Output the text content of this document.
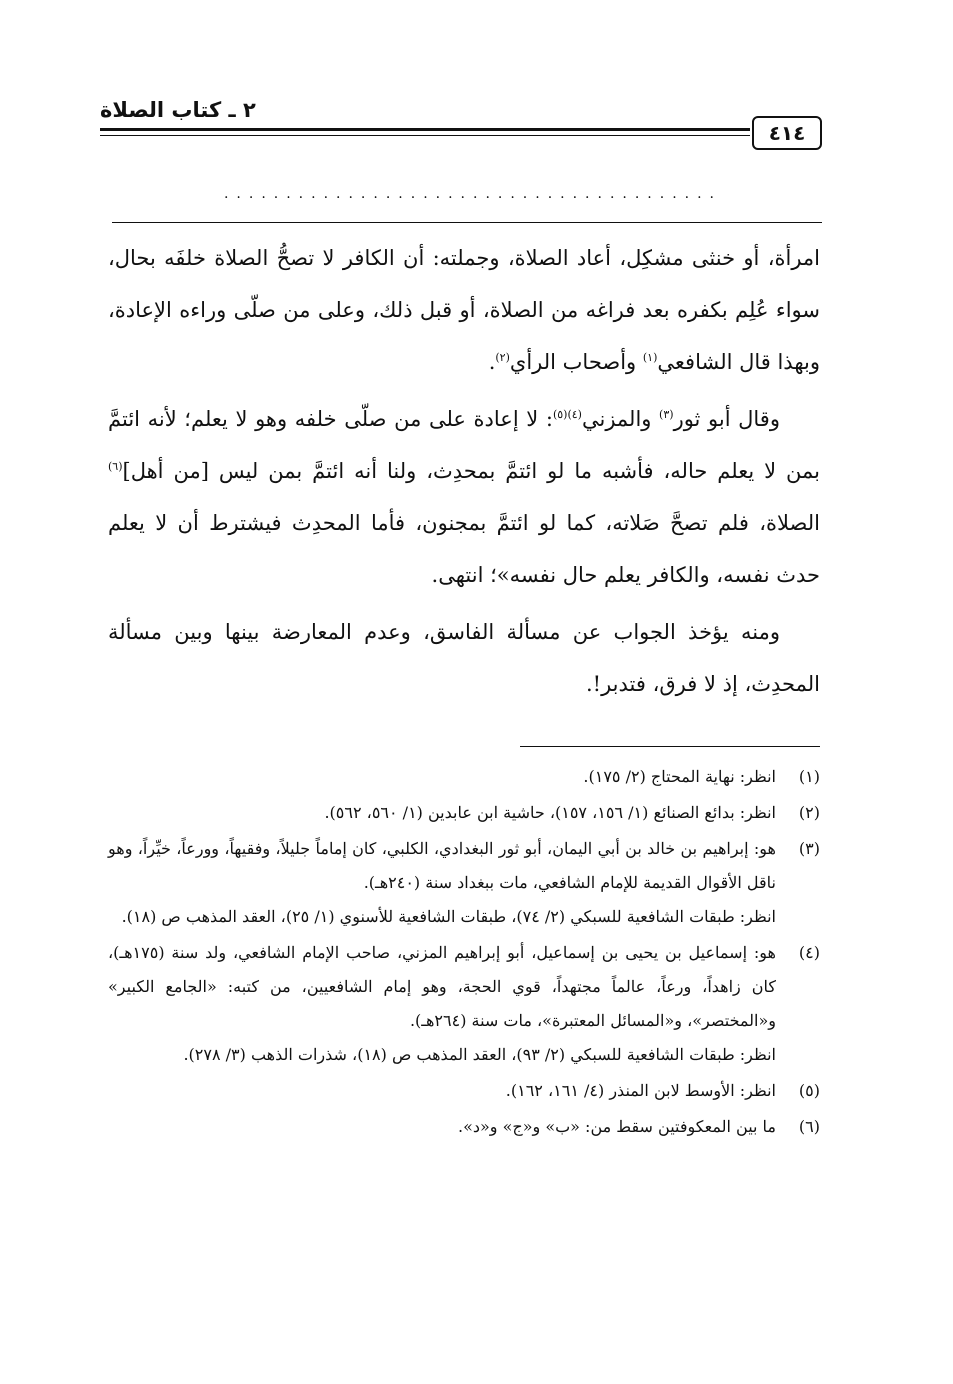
٢ ـ كتاب الصلاة
٤١٤
........................................

امرأة، أو خنثى مشكِل، أعاد الصلاة، وجملته: أن الكافر لا تصحُّ الصلاة خلفَه بحال، سواء عُلِم بكفره بعد فراغه من الصلاة، أو قبل ذلك، وعلى من صلّى وراءه الإعادة، وبهذا قال الشافعي$^{(١)}$ وأصحاب الرأي$^{(٢)}$.

وقال أبو ثور$^{(٣)}$ والمزني$^{(٤)(٥)}$: لا إعادة على من صلّى خلفه وهو لا يعلم؛ لأنه ائتمَّ بمن لا يعلم حاله، فأشبه ما لو ائتمَّ بمحدِث، ولنا أنه ائتمَّ بمن ليس [من أهل]$^{(٦)}$ الصلاة، فلم تصحَّ صَلاته، كما لو ائتمَّ بمجنون، فأما المحدِث فيشترط أن لا يعلم حدث نفسه، والكافر يعلم حال نفسه»؛ انتهى.

ومنه يؤخذ الجواب عن مسألة الفاسق، وعدم المعارضة بينها وبين مسألة المحدِث، إذ لا فرق، فتدبر!.

(١)

انظر: نهاية المحتاج (٢/ ١٧٥).

(٢)

انظر: بدائع الصنائع (١/ ١٥٦، ١٥٧)، حاشية ابن عابدين (١/ ٥٦٠، ٥٦٢).

(٣)

هو: إبراهيم بن خالد بن أبي اليمان، أبو ثور البغدادي، الكلبي، كان إماماً جليلاً، وفقيهاً، وورعاً، خيِّراً، وهو ناقل الأقوال القديمة للإمام الشافعي، مات ببغداد سنة (٢٤٠هـ).

انظر: طبقات الشافعية للسبكي (٢/ ٧٤)، طبقات الشافعية للأسنوي (١/ ٢٥)، العقد المذهب ص (١٨).

(٤)

هو: إسماعيل بن يحيى بن إسماعيل، أبو إبراهيم المزني، صاحب الإمام الشافعي، ولد سنة (١٧٥هـ)، كان زاهداً، ورعاً، عالماً مجتهداً، قوي الحجة، وهو إمام الشافعيين، من كتبه: «الجامع الكبير» و«المختصر»، و«المسائل المعتبرة»، مات سنة (٢٦٤هـ).

انظر: طبقات الشافعية للسبكي (٢/ ٩٣)، العقد المذهب ص (١٨)، شذرات الذهب (٣/ ٢٧٨).

(٥)

انظر: الأوسط لابن المنذر (٤/ ١٦١، ١٦٢).

(٦)

ما بين المعكوفتين سقط من: «ب» و«ج» و«د».
